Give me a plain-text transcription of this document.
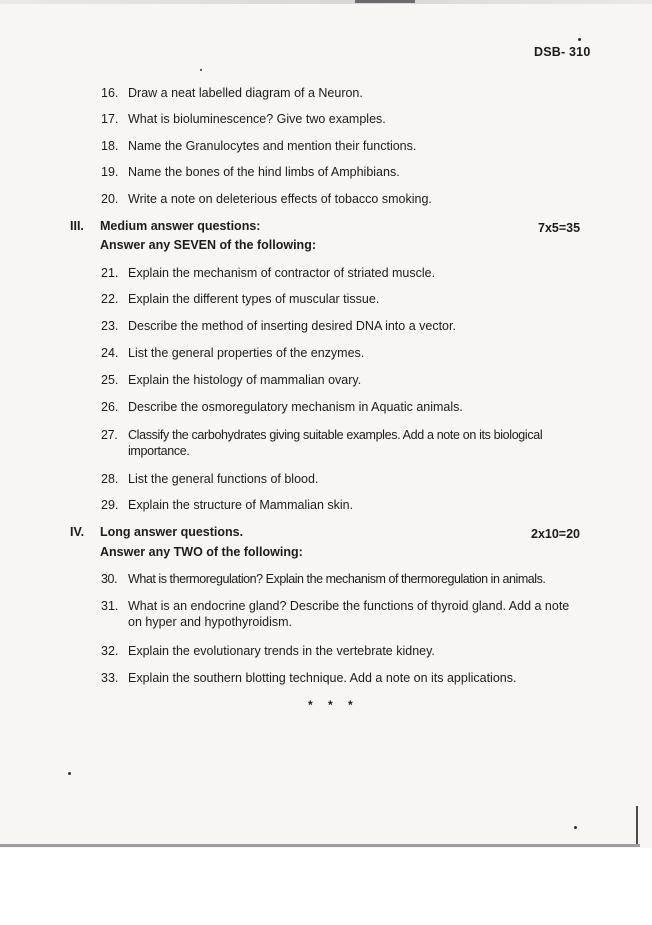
DSB- 310
16. Draw a neat labelled diagram of a Neuron.
17. What is bioluminescence? Give two examples.
18. Name the Granulocytes and mention their functions.
19. Name the bones of the hind limbs of Amphibians.
20. Write a note on deleterious effects of tobacco smoking.
III. Medium answer questions:	7x5=35
Answer any SEVEN of the following:
21. Explain the mechanism of contractor of striated muscle.
22. Explain the different types of muscular tissue.
23. Describe the method of inserting desired DNA into a vector.
24. List the general properties of the enzymes.
25. Explain the histology of mammalian ovary.
26. Describe the osmoregulatory mechanism in Aquatic animals.
27. Classify the carbohydrates giving suitable examples. Add a note on its biological importance.
28. List the general functions of blood.
29. Explain the structure of Mammalian skin.
IV. Long answer questions.	2x10=20
Answer any TWO of the following:
30. What is thermoregulation? Explain the mechanism of thermoregulation in animals.
31. What is an endocrine gland? Describe the functions of thyroid gland. Add a note on hyper and hypothyroidism.
32. Explain the evolutionary trends in the vertebrate kidney.
33. Explain the southern blotting technique. Add a note on its applications.
* * *
